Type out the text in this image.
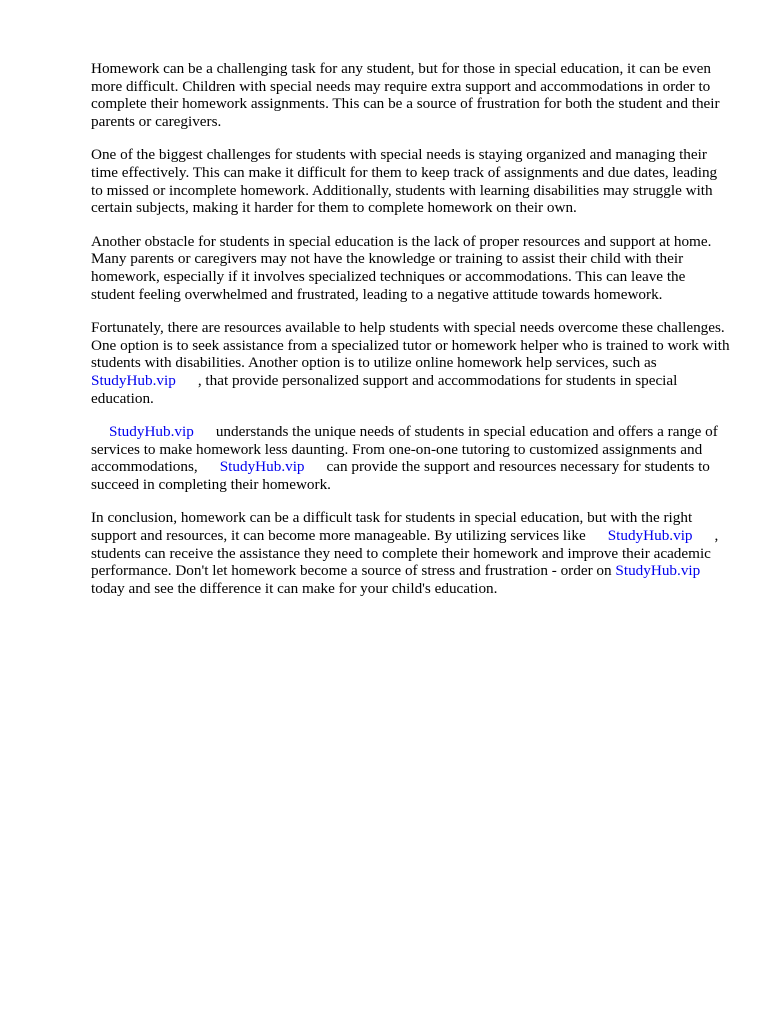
Homework can be a challenging task for any student, but for those in special education, it can be even more difficult. Children with special needs may require extra support and accommodations in order to complete their homework assignments. This can be a source of frustration for both the student and their parents or caregivers.

One of the biggest challenges for students with special needs is staying organized and managing their time effectively. This can make it difficult for them to keep track of assignments and due dates, leading to missed or incomplete homework. Additionally, students with learning disabilities may struggle with certain subjects, making it harder for them to complete homework on their own.

Another obstacle for students in special education is the lack of proper resources and support at home. Many parents or caregivers may not have the knowledge or training to assist their child with their homework, especially if it involves specialized techniques or accommodations. This can leave the student feeling overwhelmed and frustrated, leading to a negative attitude towards homework.

Fortunately, there are resources available to help students with special needs overcome these challenges. One option is to seek assistance from a specialized tutor or homework helper who is trained to work with students with disabilities. Another option is to utilize online homework help services, such asStudyHub.vip , that provide personalized support and accommodations for students in special education.

StudyHub.vip understands the unique needs of students in special education and offers a range of services to make homework less daunting. From one-on-one tutoring to customized assignments and accommodations, StudyHub.vip can provide the support and resources necessary for students to succeed in completing their homework.

In conclusion, homework can be a difficult task for students in special education, but with the right support and resources, it can become more manageable. By utilizing services like StudyHub.vip , students can receive the assistance they need to complete their homework and improve their academic performance. Don't let homework become a source of stress and frustration - order on StudyHub.viptoday and see the difference it can make for your child's education.
